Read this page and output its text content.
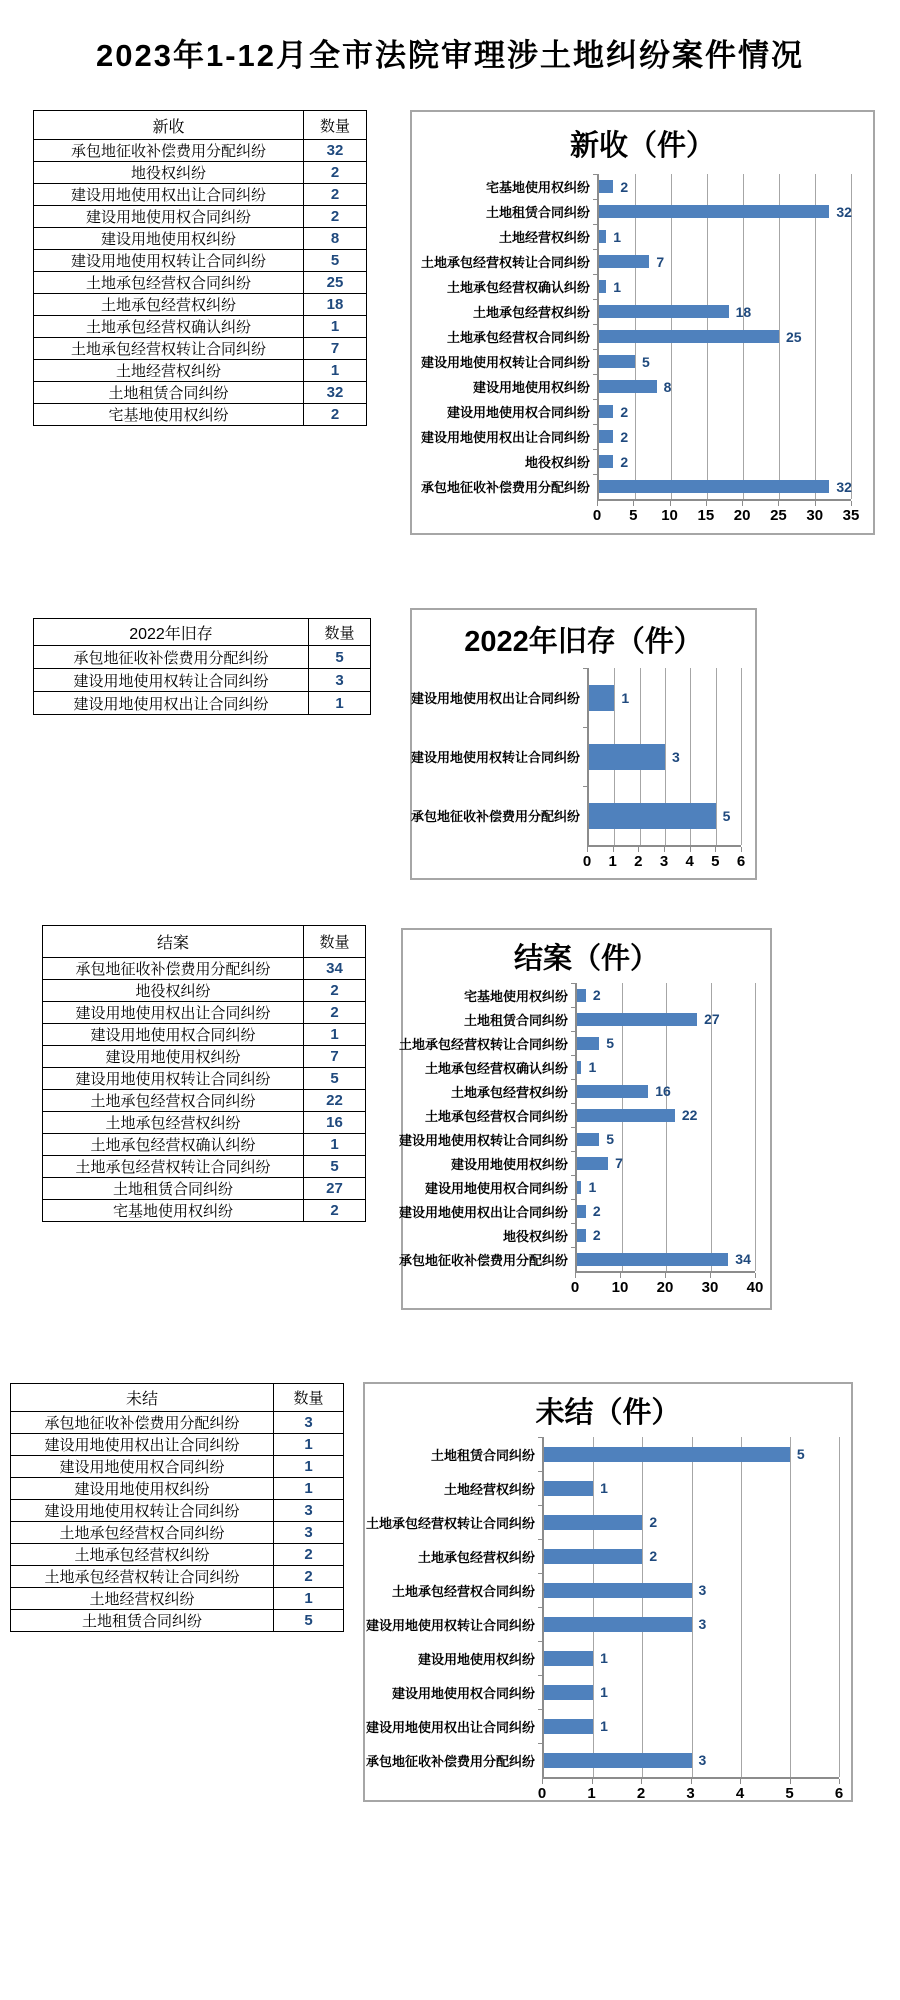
2023年1-12月全市法院审理涉土地纠纷案件情况
新收	数量
承包地征收补偿费用分配纠纷	32
地役权纠纷	2
建设用地使用权出让合同纠纷	2
建设用地使用权合同纠纷	2
建设用地使用权纠纷	8
建设用地使用权转让合同纠纷	5
土地承包经营权合同纠纷	25
土地承包经营权纠纷	18
土地承包经营权确认纠纷	1
土地承包经营权转让合同纠纷	7
土地经营权纠纷	1
土地租赁合同纠纷	32
宅基地使用权纠纷	2
新收（件）
宅基地使用权纠纷
土地租赁合同纠纷
土地经营权纠纷
土地承包经营权转让合同纠纷
土地承包经营权确认纠纷
土地承包经营权纠纷
土地承包经营权合同纠纷
建设用地使用权转让合同纠纷
建设用地使用权纠纷
建设用地使用权合同纠纷
建设用地使用权出让合同纠纷
地役权纠纷
承包地征收补偿费用分配纠纷
2
32
1
7
1
18
25
5
8
2
2
2
32
0 5 10 15 20 25 30 35
2022年旧存	数量
承包地征收补偿费用分配纠纷	5
建设用地使用权转让合同纠纷	3
建设用地使用权出让合同纠纷	1
2022年旧存（件）
建设用地使用权出让合同纠纷
建设用地使用权转让合同纠纷
承包地征收补偿费用分配纠纷
1
3
5
0 1 2 3 4 5 6
结案	数量
承包地征收补偿费用分配纠纷	34
地役权纠纷	2
建设用地使用权出让合同纠纷	2
建设用地使用权合同纠纷	1
建设用地使用权纠纷	7
建设用地使用权转让合同纠纷	5
土地承包经营权合同纠纷	22
土地承包经营权纠纷	16
土地承包经营权确认纠纷	1
土地承包经营权转让合同纠纷	5
土地租赁合同纠纷	27
宅基地使用权纠纷	2
结案（件）
宅基地使用权纠纷
土地租赁合同纠纷
土地承包经营权转让合同纠纷
土地承包经营权确认纠纷
土地承包经营权纠纷
土地承包经营权合同纠纷
建设用地使用权转让合同纠纷
建设用地使用权纠纷
建设用地使用权合同纠纷
建设用地使用权出让合同纠纷
地役权纠纷
承包地征收补偿费用分配纠纷
2
27
5
1
16
22
5
7
1
2
2
34
0 10 20 30 40
未结	数量
承包地征收补偿费用分配纠纷	3
建设用地使用权出让合同纠纷	1
建设用地使用权合同纠纷	1
建设用地使用权纠纷	1
建设用地使用权转让合同纠纷	3
土地承包经营权合同纠纷	3
土地承包经营权纠纷	2
土地承包经营权转让合同纠纷	2
土地经营权纠纷	1
土地租赁合同纠纷	5
未结（件）
土地租赁合同纠纷
土地经营权纠纷
土地承包经营权转让合同纠纷
土地承包经营权纠纷
土地承包经营权合同纠纷
建设用地使用权转让合同纠纷
建设用地使用权纠纷
建设用地使用权合同纠纷
建设用地使用权出让合同纠纷
承包地征收补偿费用分配纠纷
5
1
2
2
3
3
1
1
1
3
0	1	2	3	4	5	6
